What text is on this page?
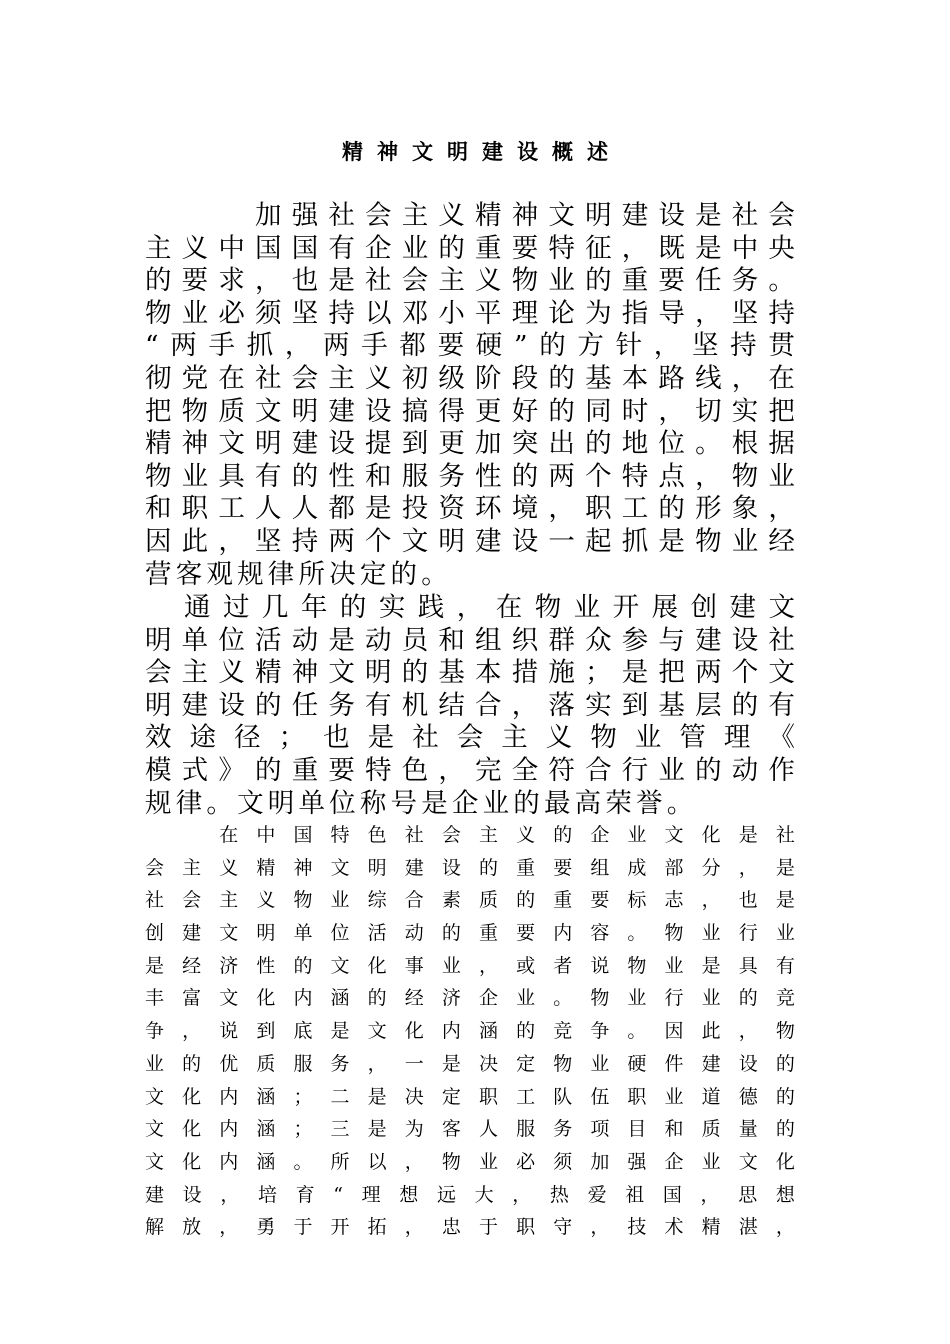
精神文明建设概述

加 强 社 会 主 义 精 神 文 明 建 设 是 社 会
主 义 中 国 国 有 企 业 的 重 要 特 征 ， 既 是 中 央
的 要 求 ， 也 是 社 会 主 义 物 业 的 重 要 任 务 。
物 业 必 须 坚 持 以 邓 小 平 理 论 为 指 导 ， 坚 持
“ 两 手 抓 ， 两 手 都 要 硬 ” 的 方 针 ， 坚 持 贯
彻 党 在 社 会 主 义 初 级 阶 段 的 基 本 路 线 ， 在
把 物 质 文 明 建 设 搞 得 更 好 的 同 时 ， 切 实 把
精 神 文 明 建 设 提 到 更 加 突 出 的 地 位 。 根 据
物 业 具 有 的 性 和 服 务 性 的 两 个 特 点 ， 物 业
和 职 工 人 人 都 是 投 资 环 境 ， 职 工 的 形 象 ，
因 此 ， 坚 持 两 个 文 明 建 设 一 起 抓 是 物 业 经
营 客 观 规 律 所 决 定 的 。

通 过 几 年 的 实 践 ， 在 物 业 开 展 创 建 文
明 单 位 活 动 是 动 员 和 组 织 群 众 参 与 建 设 社
会 主 义 精 神 文 明 的 基 本 措 施 ； 是 把 两 个 文
明 建 设 的 任 务 有 机 结 合 ， 落 实 到 基 层 的 有
效 途 径 ； 也 是 社 会 主 义 物 业 管 理 《
模 式 》 的 重 要 特 色 ， 完 全 符 合 行 业 的 动 作
规 律 。 文 明 单 位 称 号 是 企 业 的 最 高 荣 誉 。

在 中 国 特 色 社 会 主 义 的 企 业 文 化 是 社
会 主 义 精 神 文 明 建 设 的 重 要 组 成 部 分 ， 是
社 会 主 义 物 业 综 合 素 质 的 重 要 标 志 ， 也 是
创 建 文 明 单 位 活 动 的 重 要 内 容 。 物 业 行 业
是 经 济 性 的 文 化 事 业 ， 或 者 说 物 业 是 具 有
丰 富 文 化 内 涵 的 经 济 企 业 。 物 业 行 业 的 竞
争 ， 说 到 底 是 文 化 内 涵 的 竞 争 。 因 此 ， 物
业 的 优 质 服 务 ， 一 是 决 定 物 业 硬 件 建 设 的
文 化 内 涵 ； 二 是 决 定 职 工 队 伍 职 业 道 德 的
文 化 内 涵 ； 三 是 为 客 人 服 务 项 目 和 质 量 的
文 化 内 涵 。 所 以 ， 物 业 必 须 加 强 企 业 文 化
建 设 ， 培 育 “ 理 想 远 大 ， 热 爱 祖 国 ， 思 想
解 放 ， 勇 于 开 拓 ， 忠 于 职 守 ， 技 术 精 湛 ，
